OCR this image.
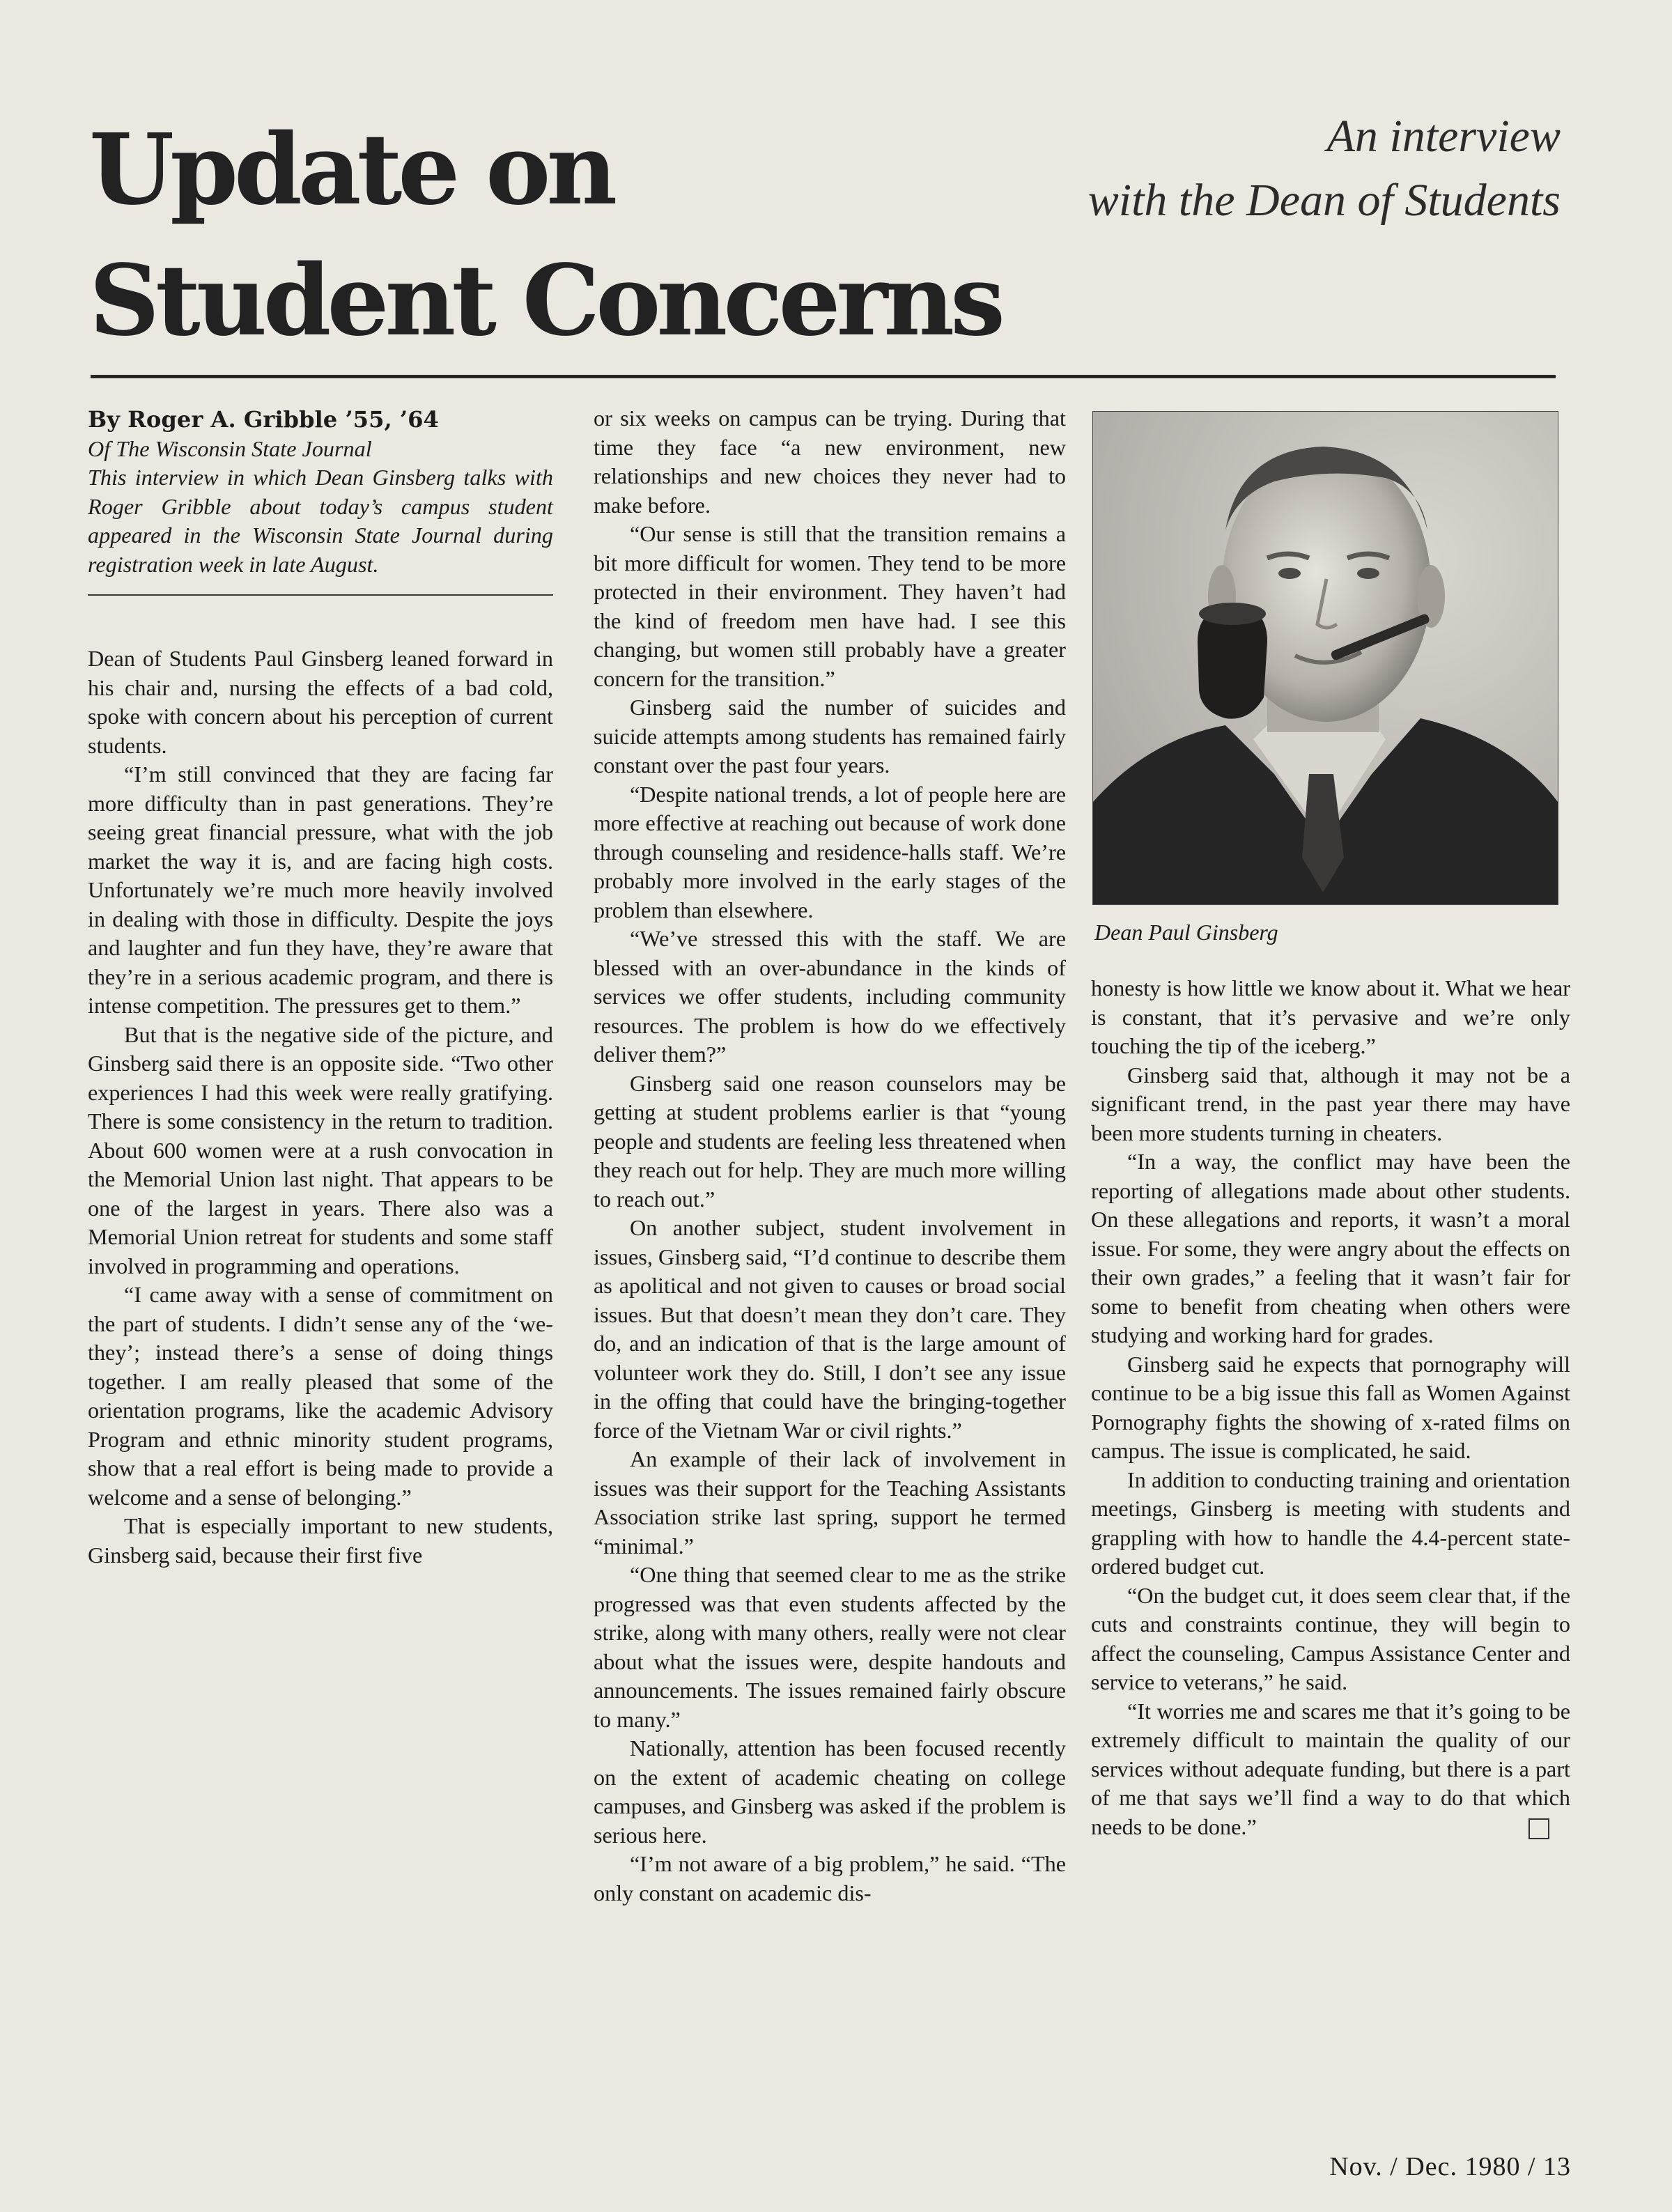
Update on
Student Concerns
An interview
with the Dean of Students

By Roger A. Gribble ’55, ’64

Of The Wisconsin State Journal

This interview in which Dean Ginsberg talks with Roger Gribble about today’s campus student appeared in the Wisconsin State Journal during registration week in late August.

Dean of Students Paul Ginsberg leaned forward in his chair and, nursing the effects of a bad cold, spoke with concern about his perception of current students.

“I’m still convinced that they are facing far more difficulty than in past generations. They’re seeing great financial pressure, what with the job market the way it is, and are facing high costs. Unfortunately we’re much more heavily involved in dealing with those in difficulty. Despite the joys and laughter and fun they have, they’re aware that they’re in a serious academic program, and there is intense competition. The pressures get to them.”

But that is the negative side of the picture, and Ginsberg said there is an opposite side. “Two other experiences I had this week were really gratifying. There is some consistency in the return to tradition. About 600 women were at a rush convocation in the Memorial Union last night. That appears to be one of the largest in years. There also was a Memorial Union retreat for students and some staff involved in programming and operations.

“I came away with a sense of commitment on the part of students. I didn’t sense any of the ‘we-they’; instead there’s a sense of doing things together. I am really pleased that some of the orientation programs, like the academic Advisory Program and ethnic minority student programs, show that a real effort is being made to provide a welcome and a sense of belonging.”

That is especially important to new students, Ginsberg said, because their first five

or six weeks on campus can be trying. During that time they face “a new environment, new relationships and new choices they never had to make before.

“Our sense is still that the transition remains a bit more difficult for women. They tend to be more protected in their environment. They haven’t had the kind of freedom men have had. I see this changing, but women still probably have a greater concern for the transition.”

Ginsberg said the number of suicides and suicide attempts among students has remained fairly constant over the past four years.

“Despite national trends, a lot of people here are more effective at reaching out because of work done through counseling and residence-halls staff. We’re probably more involved in the early stages of the problem than elsewhere.

“We’ve stressed this with the staff. We are blessed with an over-abundance in the kinds of services we offer students, including community resources. The problem is how do we effectively deliver them?”

Ginsberg said one reason counselors may be getting at student problems earlier is that “young people and students are feeling less threatened when they reach out for help. They are much more willing to reach out.”

On another subject, student involvement in issues, Ginsberg said, “I’d continue to describe them as apolitical and not given to causes or broad social issues. But that doesn’t mean they don’t care. They do, and an indication of that is the large amount of volunteer work they do. Still, I don’t see any issue in the offing that could have the bringing-together force of the Vietnam War or civil rights.”

An example of their lack of involvement in issues was their support for the Teaching Assistants Association strike last spring, support he termed “minimal.”

“One thing that seemed clear to me as the strike progressed was that even students affected by the strike, along with many others, really were not clear about what the issues were, despite handouts and announcements. The issues remained fairly obscure to many.”

Nationally, attention has been focused recently on the extent of academic cheating on college campuses, and Ginsberg was asked if the problem is serious here.

“I’m not aware of a big problem,” he said. “The only constant on academic dis-

Dean Paul Ginsberg

honesty is how little we know about it. What we hear is constant, that it’s pervasive and we’re only touching the tip of the iceberg.”

Ginsberg said that, although it may not be a significant trend, in the past year there may have been more students turning in cheaters.

“In a way, the conflict may have been the reporting of allegations made about other students. On these allegations and reports, it wasn’t a moral issue. For some, they were angry about the effects on their own grades,” a feeling that it wasn’t fair for some to benefit from cheating when others were studying and working hard for grades.

Ginsberg said he expects that pornography will continue to be a big issue this fall as Women Against Pornography fights the showing of x-rated films on campus. The issue is complicated, he said.

In addition to conducting training and orientation meetings, Ginsberg is meeting with students and grappling with how to handle the 4.4-percent state-ordered budget cut.

“On the budget cut, it does seem clear that, if the cuts and constraints continue, they will begin to affect the counseling, Campus Assistance Center and service to veterans,” he said.

“It worries me and scares me that it’s going to be extremely difficult to maintain the quality of our services without adequate funding, but there is a part of me that says we’ll find a way to do that which needs to be done.”

Nov. / Dec. 1980 / 13
